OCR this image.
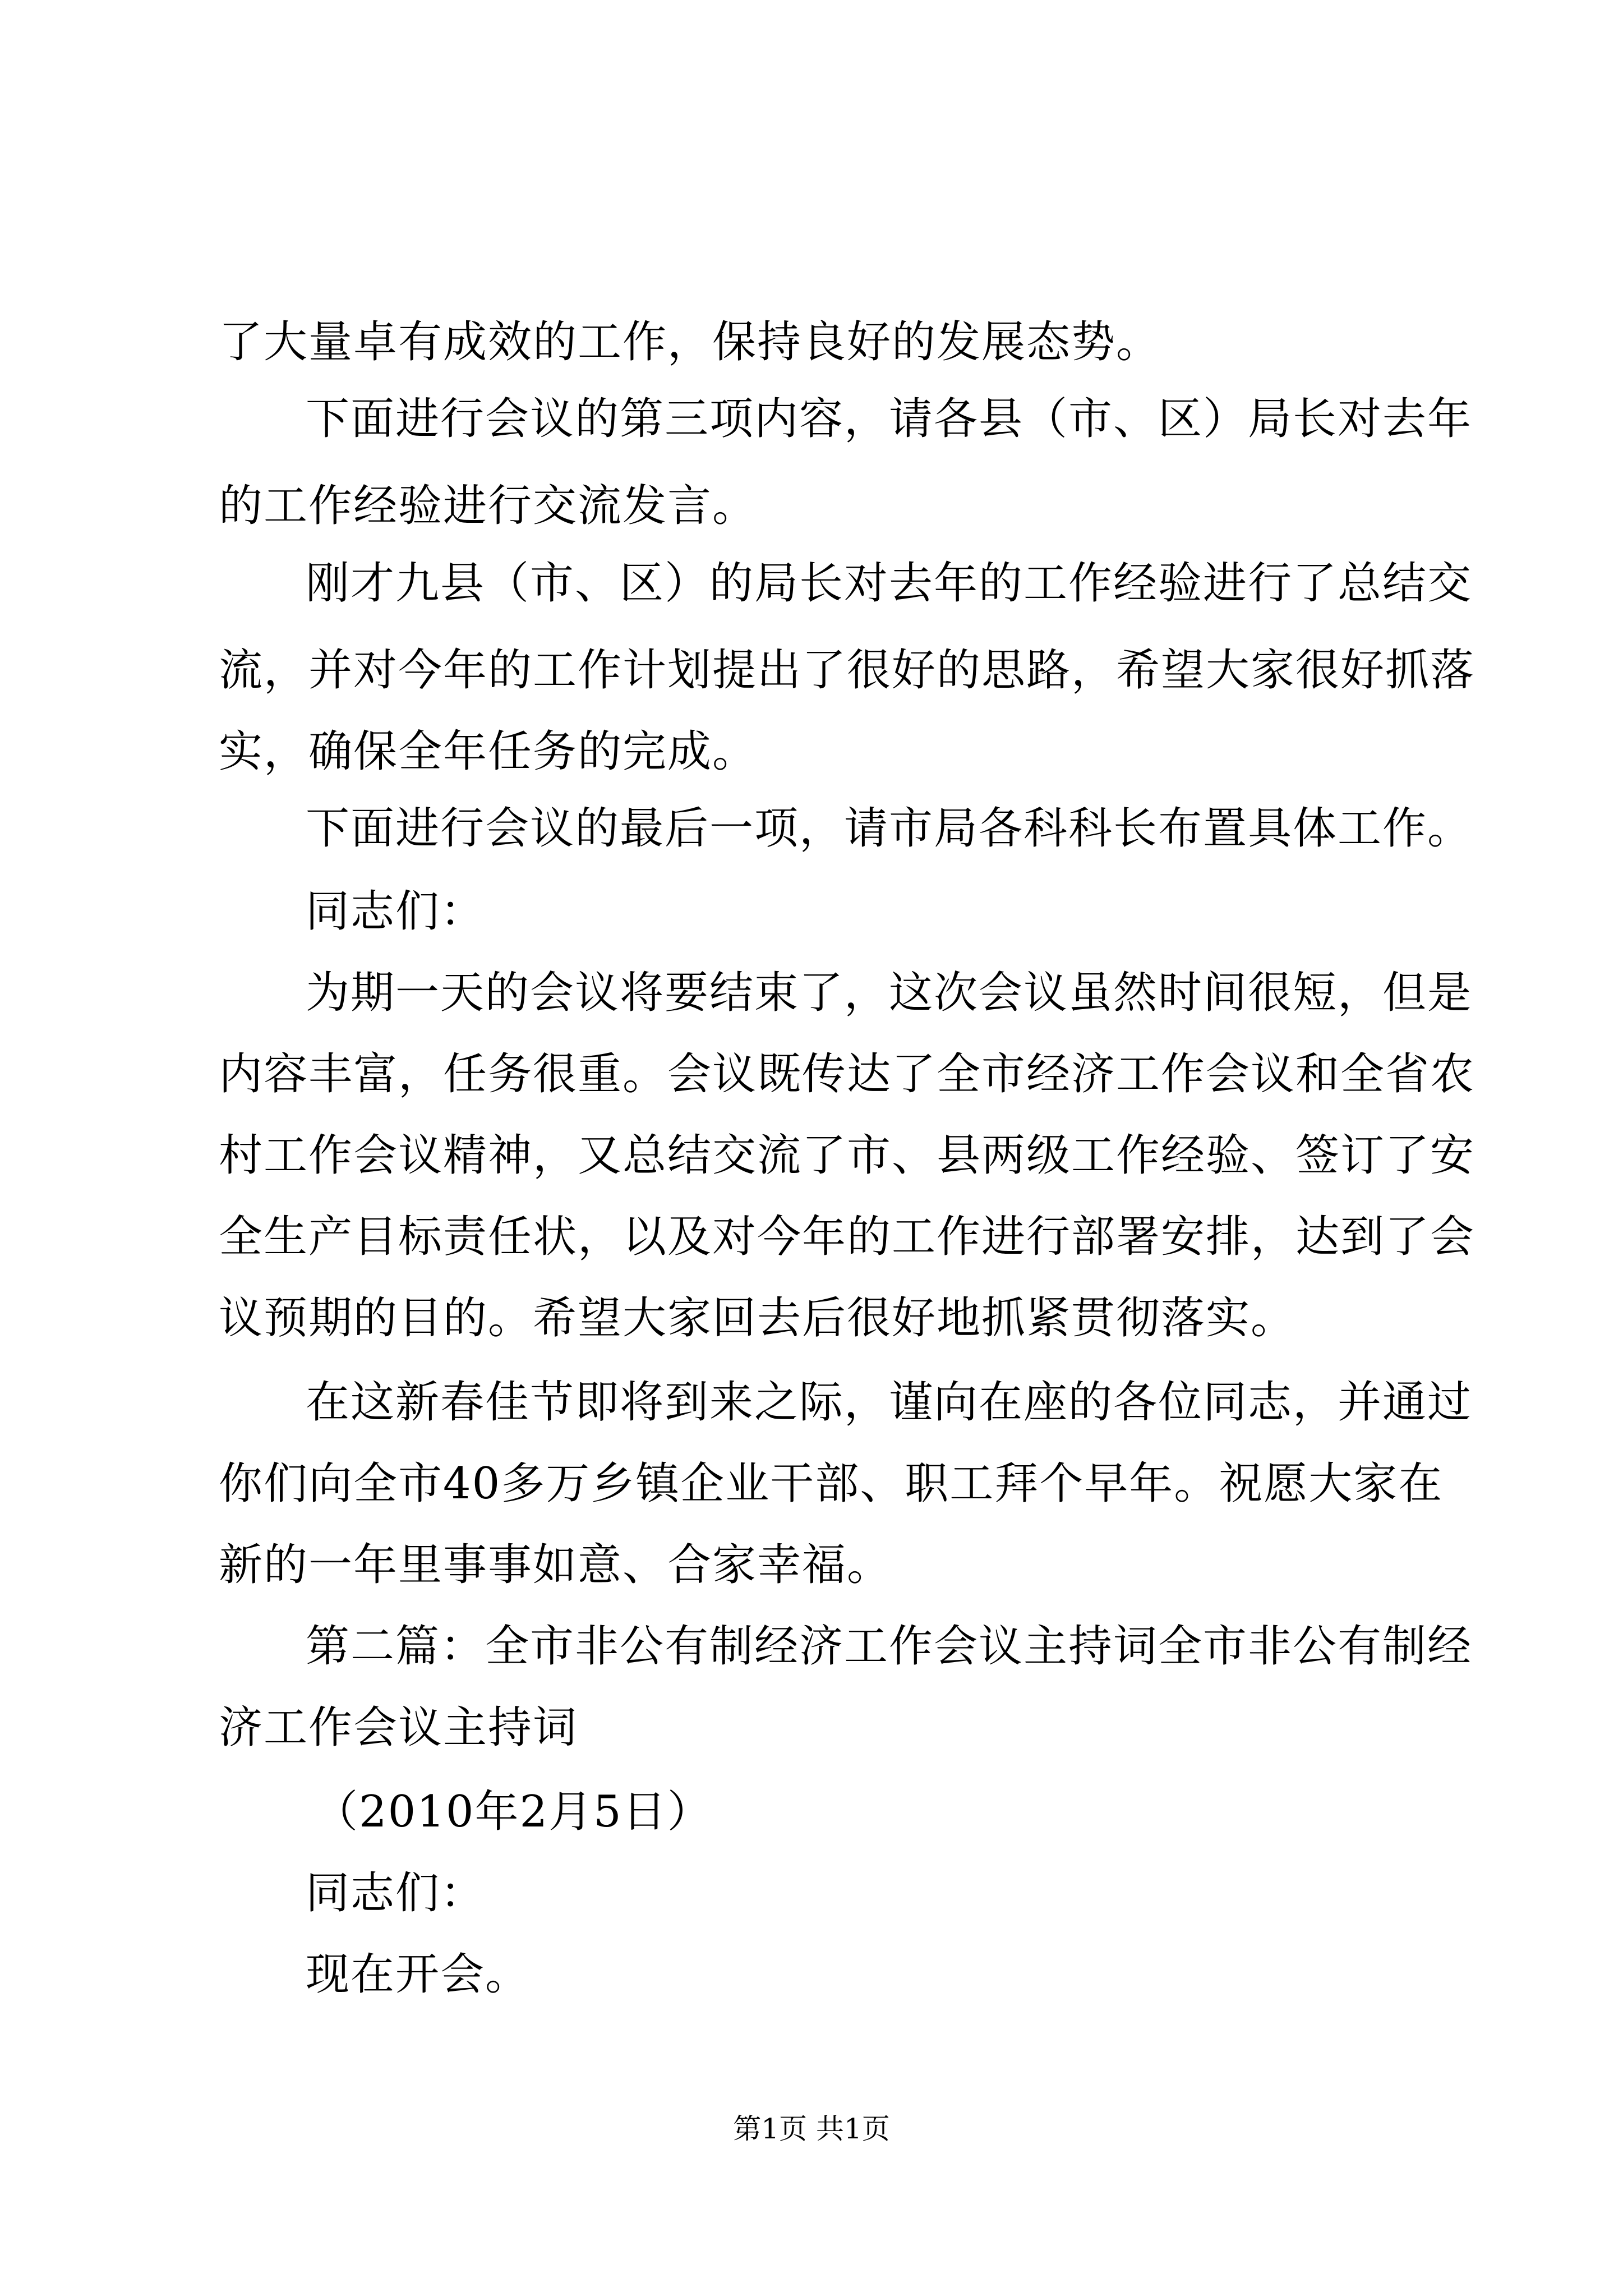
了大量卓有成效的工作，保持良好的发展态势。
下面进行会议的第三项内容，请各县（市、区）局长对去年
的工作经验进行交流发言。
刚才九县（市、区）的局长对去年的工作经验进行了总结交
流，并对今年的工作计划提出了很好的思路，希望大家很好抓落
实，确保全年任务的完成。
下面进行会议的最后一项，请市局各科科长布置具体工作。
同志们：
为期一天的会议将要结束了，这次会议虽然时间很短，但是
内容丰富，任务很重。会议既传达了全市经济工作会议和全省农
村工作会议精神，又总结交流了市、县两级工作经验、签订了安
全生产目标责任状，以及对今年的工作进行部署安排，达到了会
议预期的目的。希望大家回去后很好地抓紧贯彻落实。
在这新春佳节即将到来之际，谨向在座的各位同志，并通过
你们向全市40多万乡镇企业干部、职工拜个早年。祝愿大家在
新的一年里事事如意、合家幸福。
第二篇：全市非公有制经济工作会议主持词全市非公有制经
济工作会议主持词
（2010年2月5日）
同志们：
现在开会。
第1页 共1页
